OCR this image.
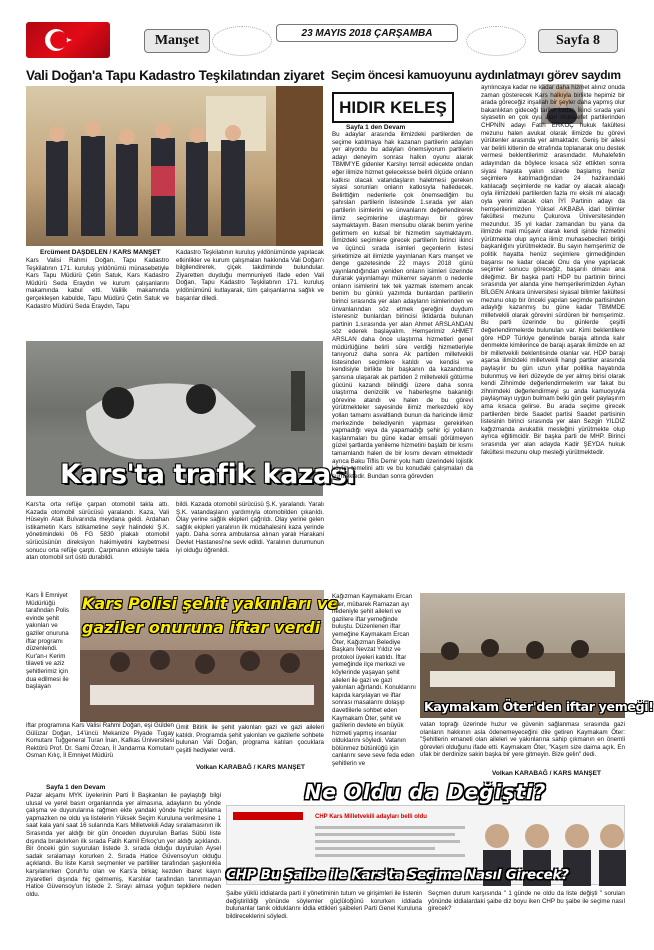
Manşet	23 MAYIS 2018 ÇARŞAMBA	Sayfa 8
Vali Doğan'a Tapu Kadastro Teşkilatından ziyaret
Ercüment DAŞDELEN / KARS MANŞET
Kars Valisi Rahmi Doğan, Tapu Kadastro Teşkilatının 171. kuruluş yıldönümü münasebetiyle Kars Tapu Müdürü Çetin Satuk, Kars Kadastro Müdürü Seda Eraydın ve kurum çalışanlarını makamında kabul etti. Valilik makamında gerçekleşen kabulde, Tapu Müdürü Çetin Satuk ve Kadastro Müdürü Seda Eraydın, Tapu
Kadastro Teşkilatının kuruluş yıldönümünde yapılacak etkinlikler ve kurum çalışmaları hakkında Vali Doğan'ı bilgilendirerek, çiçek takdiminde bulundular. Ziyaretten duyduğu memnuniyeti ifade eden Vali Doğan, Tapu Kadastro Teşkilatının 171. kuruluş yıldönümünü kutlayarak, tüm çalışanlarına sağlık ve başarılar diledi.
Kars'ta trafik kazası
Kars'ta orta refüje çarpan otomobil takla attı. Kazada otomobil sürücüsü yaralandı. Kaza, Vali Hüseyin Atak Bulvarında meydana geldi. Ardahan istikametin Kars istikametine seyir halindeki Ş.K. yönetimindeki 06 FG 5830 plakalı otomobil sürücüsünün direksiyon hakimiyetini kaybetmesi sonucu orta refüje çarptı. Çarpmanın etkisiyle takla atan otomobil sırt üstü durabildi.
bildi. Kazada otomobil sürücüsü Ş.K. yaralandı. Yaralı Ş.K. vatandaşların yardımıyla otomobilden çıkarıldı. Olay yerine sağlık ekipleri çağrıldı. Olay yerine gelen sağlık ekipleri yaralının ilk müdahalesini kaza yerinde yaptı. Daha sonra ambulansa alınan yaralı Harakani Devlet Hastanesi'ne sevk edildi. Yaralının durumunun iyi olduğu öğrenildi.
Kars İl Emniyet Müdürlüğü tarafından Polis evinde şehit yakınları ve gaziler onuruna iftar programı düzenlendi. Kur'an-ı Kerim tilaveti ve aziz şehitlerimiz için dua edilmesi ile başlayan
Kars Polisi şehit yakınları ve
gaziler onuruna iftar verdi
iftar programına Kars Valisi Rahmi Doğan, eşi Gülden Gülüzar Doğan, 14'üncü Mekanize Piyade Tugay Komutanı Tuğgeneral Turan İnan, Kafkas Üniversitesi Rektörü Prof. Dr. Sami Özcan, İl Jandarma Komutanı Osman Kılıç, İl Emniyet Müdürü
Ümit Bitirik ile şehit yakınları gazi ve gazi aileleri katıldı. Programda şehit yakınları ve gazilerle sohbete bulunan Vali Doğan, programa katılan çocuklara çeşitli hediyeler verdi.
Volkan KARABAĞ / KARS MANŞET
Seçim öncesi kamuoyunu aydınlatmayı görev saydım
HIDIR KELEŞ
Sayfa 1 den Devam
Bu adaylar arasında ilimizdeki partilerden de seçime katılmaya hak kazanan partilerin adayları yer alıyordu bu adayları önemsiyorum partilerin adayı deneyim sonrası halkın oyunu alarak TBMM'YE gidenler Karslıyı temsil edecekte ondan eğer ilimize hizmet geleceksse belirli ölçüde onların katkısı olacak vatandaşların haletmesi gereken siyasi sorunları onların katkısıyla halledecek. Belirttiğim nedenlerle çok önemsediğim bu şahısları partilerin listesinde 1.sırada yer alan partilerin isimlerini ve ünvanlarını değerlendirerek ilimiz seçimlerine ulaştırmayı bir görev saymaktayım. Basın mensubu olarak benim yerine getirmem en kutsal bir hizmetim saymaktayım. İlimizdeki seçimlere girecek partilerin birinci ikinci ve üçüncü sırada isimleri geçenlerin listesi şirketimize ait ilimizde yayınlanan Kars manşet ve denge gazetesinde 22 mayıs 2018 günü yayınlandığından yeniden onların isimleri üzerinde durarak yayınlamayı mükerrer sayarım o nedenle onların isimlerini tek tek yazmak istemem ancak benim bu günkü yazımda bunlardan partilerin birinci sırasında yer alan adayların isimlerinden ve ünvanlarından söz etmek gereğini duydum isteresniz bunlardan birincisi iktidarda bulunan partinin 1.sırasında yer alan Ahmet ARSLANDAN söz ederek başlayalım. Hemşerimiz AHMET ARSLAN daha önce ulaştırma hizmetleri genel müdürlüğüne belirli süre verdiği hizmetleriyle tanıyoruz daha sonra Ak partiden milletvekili listesinden seçimlere katıldı ve kendisi ve kendisiyle birlikte bir başkanın da kazandırma şansına ulaşarak ak partiden 2 milletvekili götürme gücünü kazandı bilindiği üzere daha sonra ulaştırma denizcilik ve haberleşme bakanlığı görevine atandı ve halen de bu görevi yürütmekteler sayesinde ilimiz merkezdeki köy yolları tamamı asvaltlandı bunun da haricinde ilimiz merkezinde belediyenin yapması gerekirken yapmadığı veya da yapamadığı şehir içi yolların kaşlanmaları bu güne kadar emsali görülmeyen güzel şartlarda yenileme hizmetini başlattı bir kısmı tamamlandı halen de bir kısmı devam etmektedir ayrıca Baku Tiflis Demir yolu hattı üzerindeki lojistik köyün temelini attı ve bu konudaki çalışmaları da sürmektedir. Bundan sonra görevden
ayrılıncaya kadar ne kadar daha hizmet alınız onuda zaman gösterecek Kars halkıyla birlikte hepimiz bir arada göreceğiz inşallah bir şeyler daha yapmış olur bakanlıktan gideceği tarihe kadar. İkinci sırada yani siyasetin en çok oyu alan muhalefet partilerinden CHPNİN adayı Fatih ERKOÇ hukuk fakültesi mezunu halen avukat olarak ilimizde bu görevi yürütenler arasında yer almaktadır. Geniş bir ailesi var belirli kitlenin de etrafında toplanarak onu destek vermesi beklentilerimiz arasındadır. Muhalefetin adayından da böylece kısaca söz ettikten sonra siyasi hayata yakın sürede başlamış henüz seçimlere katılmadığından 24 haziraındaki katılacağı seçimlerde ne kadar oy alacak alacağı oyla ilimizdeki partilerden fazla mı eksik mi alacağı oyla yerini alacak olan İYİ Partinin adayı da hemşerilerimizden Yüksel AKBABA idari bilimler fakültesi mezunu Çukurova Üniversitesinden mezundur. 35 yıl kadar zamandan bu yana da ilimizde mali müşavir olarak kendi işinde hizmetini yürütmekte olup ayrıca ilimiz muhasebecileri birliği başkanlığını yürütmektedir. Bu sayın hemşerimiz de politik hayatta henüz seçimlere girmediğinden başarısı ne kadar olacak Onu da yine yapılacak seçimler sonucu göreceğiz, başarılı olması ana dileğimiz. Bir başka parti HDP bu partinin birinci sırasında yer alanda yine hemşerilerimizden Ayhan BİLGEN Ankara üniversitesi siyasal bilimler fakültesi mezunu olup bir önceki yapılan seçimde partisinden adaylığı kazanmış bu güne kadar TBMMDE milletvekili olarak görevini sürdüren bir hemşerimiz. Bu parti üzerinde bu günlerde çeşitli değerlendirmelerde bulunulan var. Kimi beklentilere göre HDP Türkiye genelinde baraja altında kalır denmekte kimilerince de barajı aşarak ilimizde en az bir milletvekili beklentisinde olanlar var. HDP barajı aşarsa ilimizdeki milletvekili hangi partiler arasında paylaşılır bu gün uzun yıllar politika hayatında bulunmuş ve ileri düzeyde de yer almış birisi olarak kendi Zihnimde değerlendirmelerim var fakat bu zihnimdeki değerlendirmeyi şu anda kamuoyuyla paylaşmayı uygun bulmam belki gün gelir paylaşırım ama kısaca gelirse. Bu arada seçime girecek partilerden birde Saadet partisi Saadet partisinin listesinin birinci sırasında yer alan Sezgin YILDIZ kağızmanda avukatlık mesleğini yürütmekte olup ayrıca eğitimcidir. Bir başka parti de MHP. Birinci sırasında yer alan adayda Kadir ŞEYDA hukuk fakültesi mezunu olup mesleği yürütmektedir.
Kağızman Kaymakamı Ercan Öter, mübarek Ramazan ayı nedeniyle şehit aileleri ve gazilere iftar yemeğinde buluştu. Düzenlenen iftar yemeğine Kaymakam Ercan Öter, Kağızman Belediye Başkanı Nevzat Yıldız ve protokol üyeleri katıldı. İftar yemeğinde ilçe merkezi ve köylerinde yaşayan şehit aileleri ile gazi ve gazi yakınları ağırlandı. Konuklarını kapıda karşılayan ve iftar sonrası masalarını dolaşıp davetlilerle sohbet eden Kaymakam Öter, şehit ve gazilerin devlete en büyük hizmeti yapmış insanlar olduklarını söyledi. Vatanın bölünmez bütünlüğü için canlarını seve seve feda eden şehitlerin ve
Kaymakam Öter'den iftar yemeği!
vatan toprağı üzerinde huzur ve güvenin sağlanması sırasında gazi olanların hakkının asla ödenemeyeceğini dile getiren Kaymakam Öter: "Şehitlerin emaneti olan aileleri ve yakınlarına sahip çıkmanın en önemli görevleri olduğunu ifade etti. Kaymakam Öter, "Kaşım size daima açık. En ufak bir derdinize sakin başka bir yere gitmeyin. Bize gelin" dedi.
Volkan KARABAĞ / KARS MANŞET
Sayfa 1 den Devam
Pazar akşamı MYK üyelerinin Parti İl Başkanları ile paylaştığı bilgi ulusal ve yerel basın organlarında yer almasına, adayların bu yönde çalışma ve duyurularına rağmen ekte yandaki yönde hiçbir açıklama yapmazken ne oldu ya listelerin Yüksek Seçim Kuruluna verilmesine 1 saat kala yani saat 16 sularında Kars Milletvekili Aday sıralamasının ilk Sırasında yer aldığı bir gün önceden duyurulan Barlas Sübü liste dışında bırakılırken ilk sırada Fatih Kamil Erkoç'un yer aldığı açıklandı. Bir önceki gün suyurulan listede 3. sırada olduğu duyurulan Aysel sadak sıralamayı korurken 2. Sırada Hatice Güvensoy'un olduğu açıklandı. Bu liste Karslı seçmenler ve partililer tarafından şaşkınlıkla karşılanırken Çoruh'lu olan ve Kars'a birkaç kezden ibaret kayın ziyaretleri dışında hiç gelmemiş, Karslılar tarafından tanınmayan Hatice Güvensoy'un listede 2. Sırayı alması yoğun tepkilere neden oldu.
Ne Oldu da Değişti?
CHP Kars Milletvekili adayları belli oldu
CHP Bu Şaibe ile Kars'ta Seçime Nasıl Girecek?
Şaibe yüklü iddialarda parti il yönetiminin tutum ve girişimleri ile listenin değiştirildiği yönünde söylemler güçlüloğünü korurken iddiada bulunanlar tanık olduklarını iddia ettikleri şaibeleri Parti Genel Kuruluna bildireceklerini söyledi.
Seçmen durum karşısında " 1 günde ne oldu da liste değişti " soruları yönünde iddialardaki şaibe diz boyu iken CHP bu şaibe ile seçime nasıl girecek?
